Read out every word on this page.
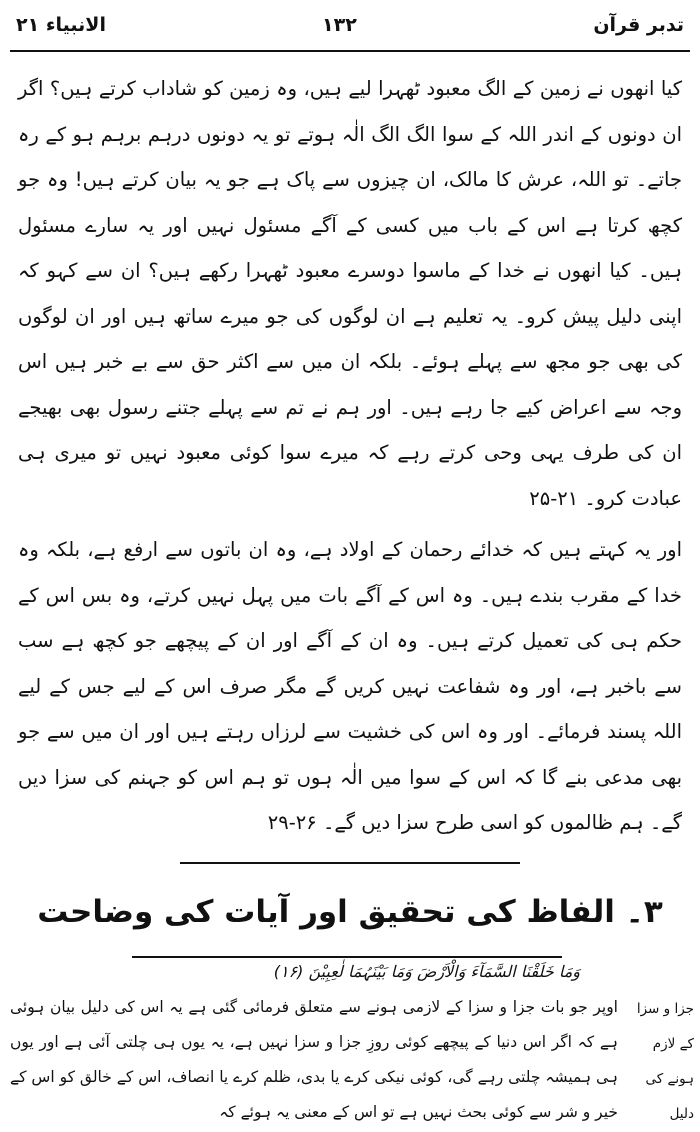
تدبر قرآن
١٣٢
الانبیاء ۲۱

کیا انھوں نے زمین کے الگ معبود ٹھہرا لیے ہیں، وہ زمین کو شاداب کرتے ہیں؟ اگر ان دونوں کے اندر اللہ کے سوا الگ الگ الٰہ ہوتے تو یہ دونوں درہم برہم ہو کے رہ جاتے۔ تو اللہ، عرش کا مالک، ان چیزوں سے پاک ہے جو یہ بیان کرتے ہیں! وہ جو کچھ کرتا ہے اس کے باب میں کسی کے آگے مسئول نہیں اور یہ سارے مسئول ہیں۔ کیا انھوں نے خدا کے ماسوا دوسرے معبود ٹھہرا رکھے ہیں؟ ان سے کہو کہ اپنی دلیل پیش کرو۔ یہ تعلیم ہے ان لوگوں کی جو میرے ساتھ ہیں اور ان لوگوں کی بھی جو مجھ سے پہلے ہوئے۔ بلکہ ان میں سے اکثر حق سے بے خبر ہیں اس وجہ سے اعراض کیے جا رہے ہیں۔ اور ہم نے تم سے پہلے جتنے رسول بھی بھیجے ان کی طرف یہی وحی کرتے رہے کہ میرے سوا کوئی معبود نہیں تو میری ہی عبادت کرو۔ ۲۱-۲۵

اور یہ کہتے ہیں کہ خدائے رحمان کے اولاد ہے، وہ ان باتوں سے ارفع ہے، بلکہ وہ خدا کے مقرب بندے ہیں۔ وہ اس کے آگے بات میں پہل نہیں کرتے، وہ بس اس کے حکم ہی کی تعمیل کرتے ہیں۔ وہ ان کے آگے اور ان کے پیچھے جو کچھ ہے سب سے باخبر ہے، اور وہ شفاعت نہیں کریں گے مگر صرف اس کے لیے جس کے لیے اللہ پسند فرمائے۔ اور وہ اس کی خشیت سے لرزاں رہتے ہیں اور ان میں سے جو بھی مدعی بنے گا کہ اس کے سوا میں الٰہ ہوں تو ہم اس کو جہنم کی سزا دیں گے۔ ہم ظالموں کو اسی طرح سزا دیں گے۔ ۲۶-۲۹

۳۔ الفاظ کی تحقیق اور آیات کی وضاحت
وَمَا خَلَقْنَا السَّمَآءَ وَالْاَرْضَ وَمَا بَیْنَہُمَا لٰعِبِیْنَ (۱۶)
جزا و سزا کے لازم ہونے کی دلیل
اوپر جو بات جزا و سزا کے لازمی ہونے سے متعلق فرمائی گئی ہے یہ اس کی دلیل بیان ہوئی ہے کہ اگر اس دنیا کے پیچھے کوئی روزِ جزا و سزا نہیں ہے، یہ یوں ہی چلتی آئی ہے اور یوں ہی ہمیشہ چلتی رہے گی، کوئی نیکی کرے یا بدی، ظلم کرے یا انصاف، اس کے خالق کو اس کے خیر و شر سے کوئی بحث نہیں ہے تو اس کے معنی یہ ہوئے کہ
